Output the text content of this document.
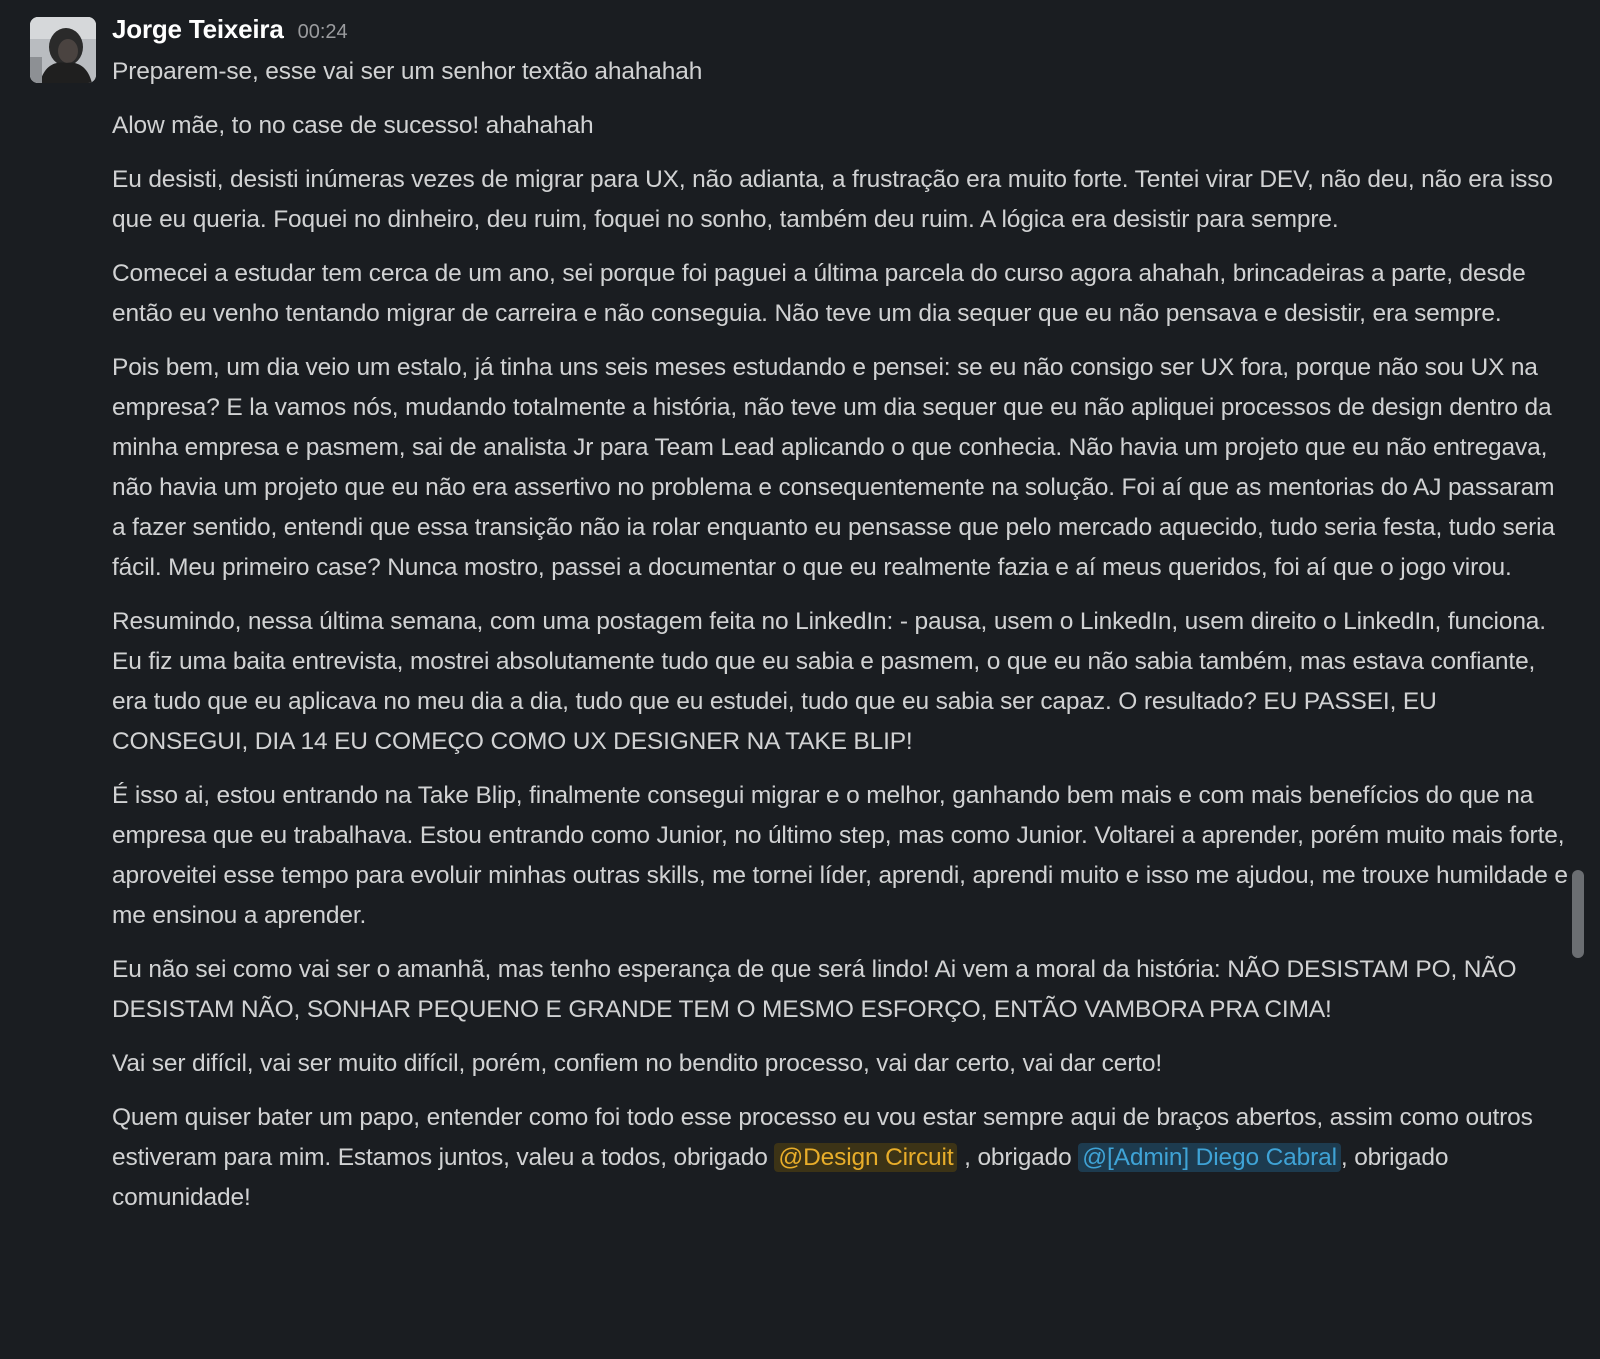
Jorge Teixeira 00:24

Preparem-se, esse vai ser um senhor textão ahahahah

Alow mãe, to no case de sucesso! ahahahah

Eu desisti, desisti inúmeras vezes de migrar para UX, não adianta, a frustração era muito forte. Tentei virar DEV, não deu, não era isso que eu queria. Foquei no dinheiro, deu ruim, foquei no sonho, também deu ruim. A lógica era desistir para sempre.

Comecei a estudar tem cerca de um ano, sei porque foi paguei a última parcela do curso agora ahahah, brincadeiras a parte, desde então eu venho tentando migrar de carreira e não conseguia. Não teve um dia sequer que eu não pensava e desistir, era sempre.

Pois bem, um dia veio um estalo, já tinha uns seis meses estudando e pensei: se eu não consigo ser UX fora, porque não sou UX na empresa? E la vamos nós, mudando totalmente a história, não teve um dia sequer que eu não apliquei processos de design dentro da minha empresa e pasmem, sai de analista Jr para Team Lead aplicando o que conhecia. Não havia um projeto que eu não entregava, não havia um projeto que eu não era assertivo no problema e consequentemente na solução. Foi aí que as mentorias do AJ passaram a fazer sentido, entendi que essa transição não ia rolar enquanto eu pensasse que pelo mercado aquecido, tudo seria festa, tudo seria fácil. Meu primeiro case? Nunca mostro, passei a documentar o que eu realmente fazia e aí meus queridos, foi aí que o jogo virou.

Resumindo, nessa última semana, com uma postagem feita no LinkedIn: - pausa, usem o LinkedIn, usem direito o LinkedIn, funciona. Eu fiz uma baita entrevista, mostrei absolutamente tudo que eu sabia e pasmem, o que eu não sabia também, mas estava confiante, era tudo que eu aplicava no meu dia a dia, tudo que eu estudei, tudo que eu sabia ser capaz. O resultado? EU PASSEI, EU CONSEGUI, DIA 14 EU COMEÇO COMO UX DESIGNER NA TAKE BLIP!

É isso ai, estou entrando na Take Blip, finalmente consegui migrar e o melhor, ganhando bem mais e com mais benefícios do que na empresa que eu trabalhava. Estou entrando como Junior, no último step, mas como Junior. Voltarei a aprender, porém muito mais forte, aproveitei esse tempo para evoluir minhas outras skills, me tornei líder, aprendi, aprendi muito e isso me ajudou, me trouxe humildade e me ensinou a aprender.

Eu não sei como vai ser o amanhã, mas tenho esperança de que será lindo! Ai vem a moral da história: NÃO DESISTAM PO, NÃO DESISTAM NÃO, SONHAR PEQUENO E GRANDE TEM O MESMO ESFORÇO, ENTÃO VAMBORA PRA CIMA!

Vai ser difícil, vai ser muito difícil, porém, confiem no bendito processo, vai dar certo, vai dar certo!

Quem quiser bater um papo, entender como foi todo esse processo eu vou estar sempre aqui de braços abertos, assim como outros estiveram para mim. Estamos juntos, valeu a todos, obrigado @Design Circuit , obrigado @[Admin] Diego Cabral , obrigado comunidade!
